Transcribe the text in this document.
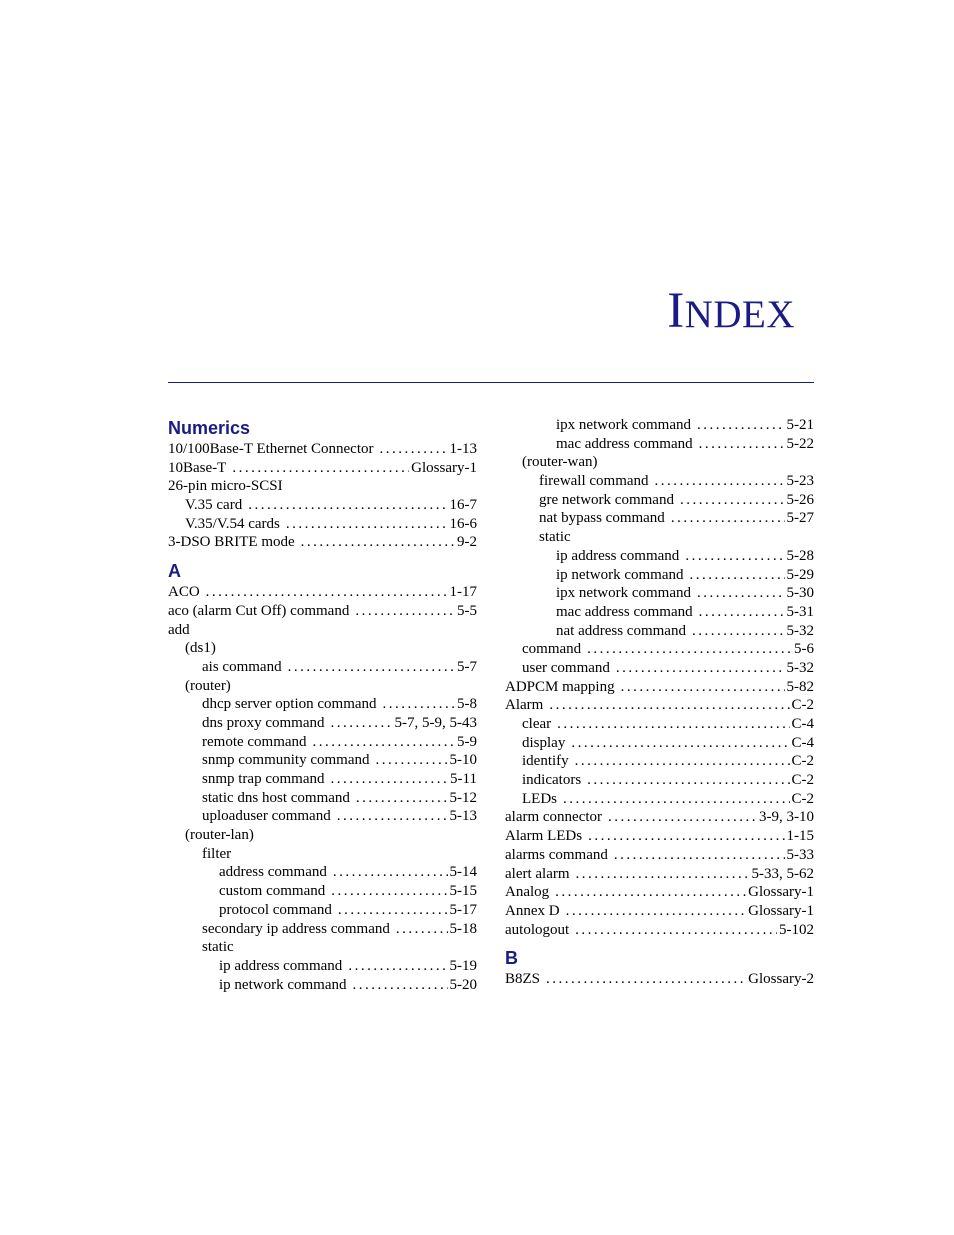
INDEX
Numerics
10/100Base-T Ethernet Connector .....	1-13
10Base-T .....	Glossary-1
26-pin micro-SCSI
V.35 card .....	16-7
V.35/V.54 cards .....	16-6
3-DSO BRITE mode .....	9-2
A
ACO .....	1-17
aco (alarm Cut Off) command .....	5-5
add
(ds1)
ais command .....	5-7
(router)
dhcp server option command .....	5-8
dns proxy command .....	5-7, 5-9, 5-43
remote command .....	5-9
snmp community command .....	5-10
snmp trap command .....	5-11
static dns host command .....	5-12
uploaduser command .....	5-13
(router-lan)
filter
address command .....	5-14
custom command .....	5-15
protocol command .....	5-17
secondary ip address command .....	5-18
static
ip address command .....	5-19
ip network command .....	5-20
ipx network command .....	5-21
mac address command .....	5-22
(router-wan)
firewall command .....	5-23
gre network command .....	5-26
nat bypass command .....	5-27
static
ip address command .....	5-28
ip network command .....	5-29
ipx network command .....	5-30
mac address command .....	5-31
nat address command .....	5-32
command .....	5-6
user command .....	5-32
ADPCM mapping .....	5-82
Alarm .....	C-2
clear .....	C-4
display .....	C-4
identify .....	C-2
indicators .....	C-2
LEDs .....	C-2
alarm connector .....	3-9, 3-10
Alarm LEDs .....	1-15
alarms command .....	5-33
alert alarm .....	5-33, 5-62
Analog .....	Glossary-1
Annex D .....	Glossary-1
autologout .....	5-102
B
B8ZS .....	Glossary-2
